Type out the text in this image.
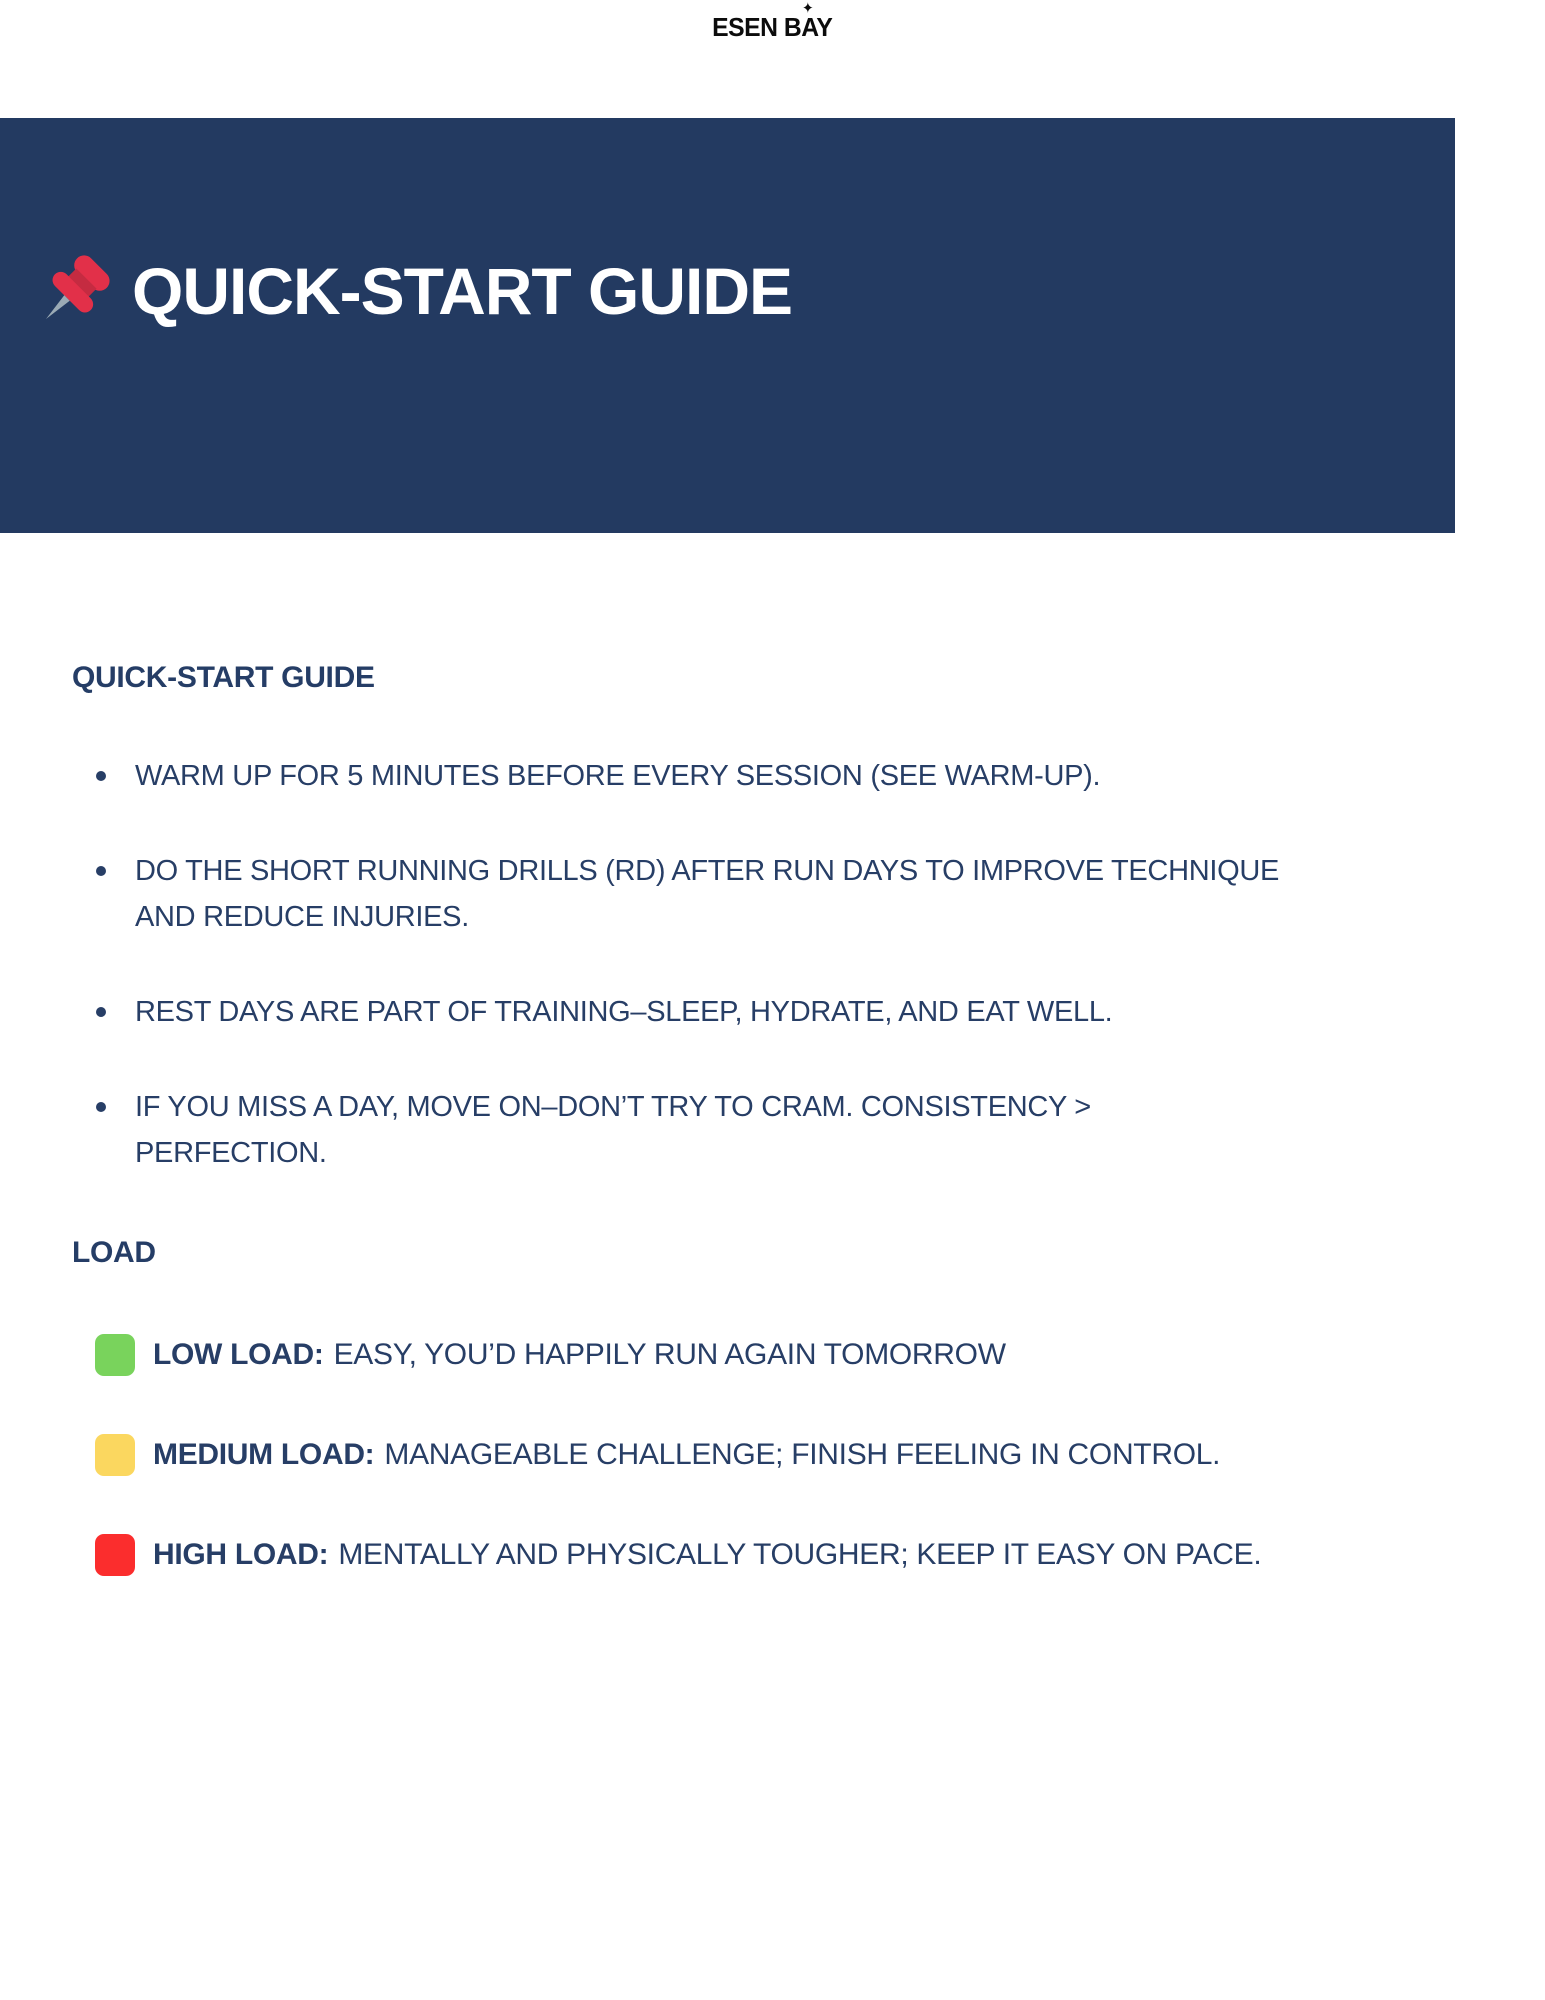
ESEN BAY
✦
QUICK-START GUIDE
QUICK-START GUIDE
WARM UP FOR 5 MINUTES BEFORE EVERY SESSION (SEE WARM-UP).
DO THE SHORT RUNNING DRILLS (RD) AFTER RUN DAYS TO IMPROVE TECHNIQUE AND REDUCE INJURIES.
REST DAYS ARE PART OF TRAINING–SLEEP, HYDRATE, AND EAT WELL.
IF YOU MISS A DAY, MOVE ON–DON’T TRY TO CRAM. CONSISTENCY > PERFECTION.
LOAD
LOW LOAD: EASY, YOU’D HAPPILY RUN AGAIN TOMORROW
MEDIUM LOAD: MANAGEABLE CHALLENGE; FINISH FEELING IN CONTROL.
HIGH LOAD: MENTALLY AND PHYSICALLY TOUGHER; KEEP IT EASY ON PACE.
